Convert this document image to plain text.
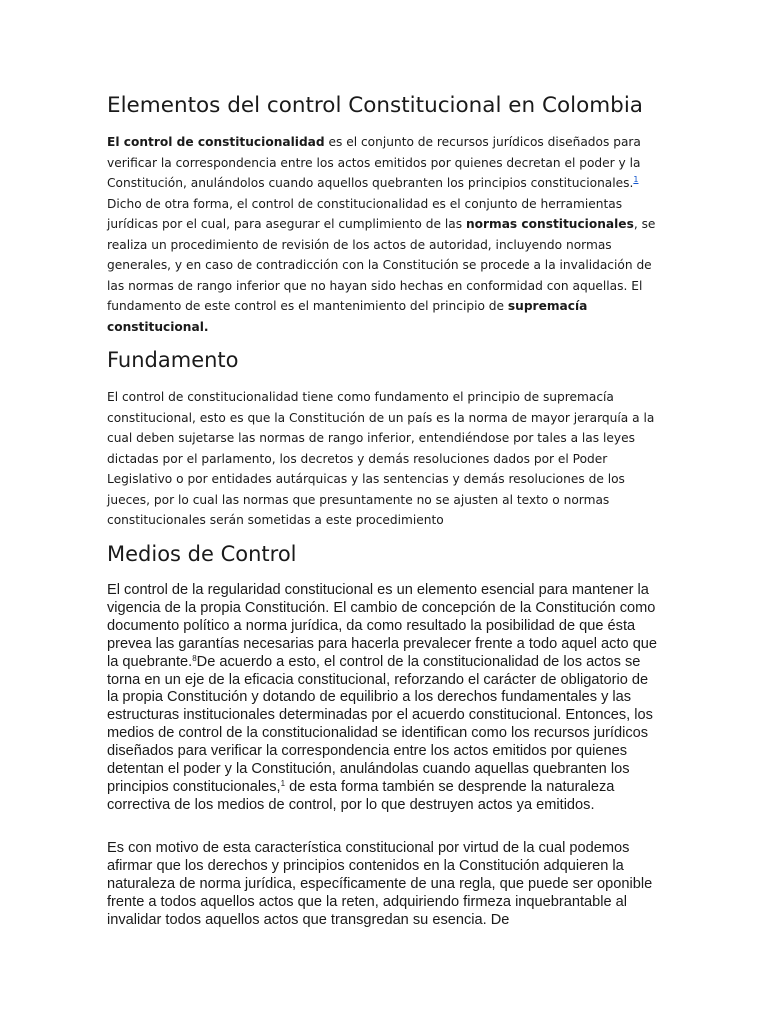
Elementos del control Constitucional en Colombia

El control de constitucionalidad es el conjunto de recursos jurídicos diseñados para verificar la correspondencia entre los actos emitidos por quienes decretan el poder y la Constitución, anulándolos cuando aquellos quebranten los principios constitucionales.$^1$ Dicho de otra forma, el control de constitucionalidad es el conjunto de herramientas jurídicas por el cual, para asegurar el cumplimiento de las normas constitucionales, se realiza un procedimiento de revisión de los actos de autoridad, incluyendo normas generales, y en caso de contradicción con la Constitución se procede a la invalidación de las normas de rango inferior que no hayan sido hechas en conformidad con aquellas. El fundamento de este control es el mantenimiento del principio de supremacía constitucional.

Fundamento

El control de constitucionalidad tiene como fundamento el principio de supremacía constitucional, esto es que la Constitución de un país es la norma de mayor jerarquía a la cual deben sujetarse las normas de rango inferior, entendiéndose por tales a las leyes dictadas por el parlamento, los decretos y demás resoluciones dados por el Poder Legislativo o por entidades autárquicas y las sentencias y demás resoluciones de los jueces, por lo cual las normas que presuntamente no se ajusten al texto o normas constitucionales serán sometidas a este procedimiento

Medios de Control

El control de la regularidad constitucional es un elemento esencial para mantener la vigencia de la propia Constitución. El cambio de concepción de la Constitución como documento político a norma jurídica, da como resultado la posibilidad de que ésta prevea las garantías necesarias para hacerla prevalecer frente a todo aquel acto que la quebrante.$^8$De acuerdo a esto, el control de la constitucionalidad de los actos se torna en un eje de la eficacia constitucional, reforzando el carácter de obligatorio de la propia Constitución y dotando de equilibrio a los derechos fundamentales y las estructuras institucionales determinadas por el acuerdo constitucional. Entonces, los medios de control de la constitucionalidad se identifican como los recursos jurídicos diseñados para verificar la correspondencia entre los actos emitidos por quienes detentan el poder y la Constitución, anulándolas cuando aquellas quebranten los principios constitucionales,$^1$ de esta forma también se desprende la naturaleza correctiva de los medios de control, por lo que destruyen actos ya emitidos.

Es con motivo de esta característica constitucional por virtud de la cual podemos afirmar que los derechos y principios contenidos en la Constitución adquieren la naturaleza de norma jurídica, específicamente de una regla, que puede ser oponible frente a todos aquellos actos que la reten, adquiriendo firmeza inquebrantable al invalidar todos aquellos actos que transgredan su esencia. De
